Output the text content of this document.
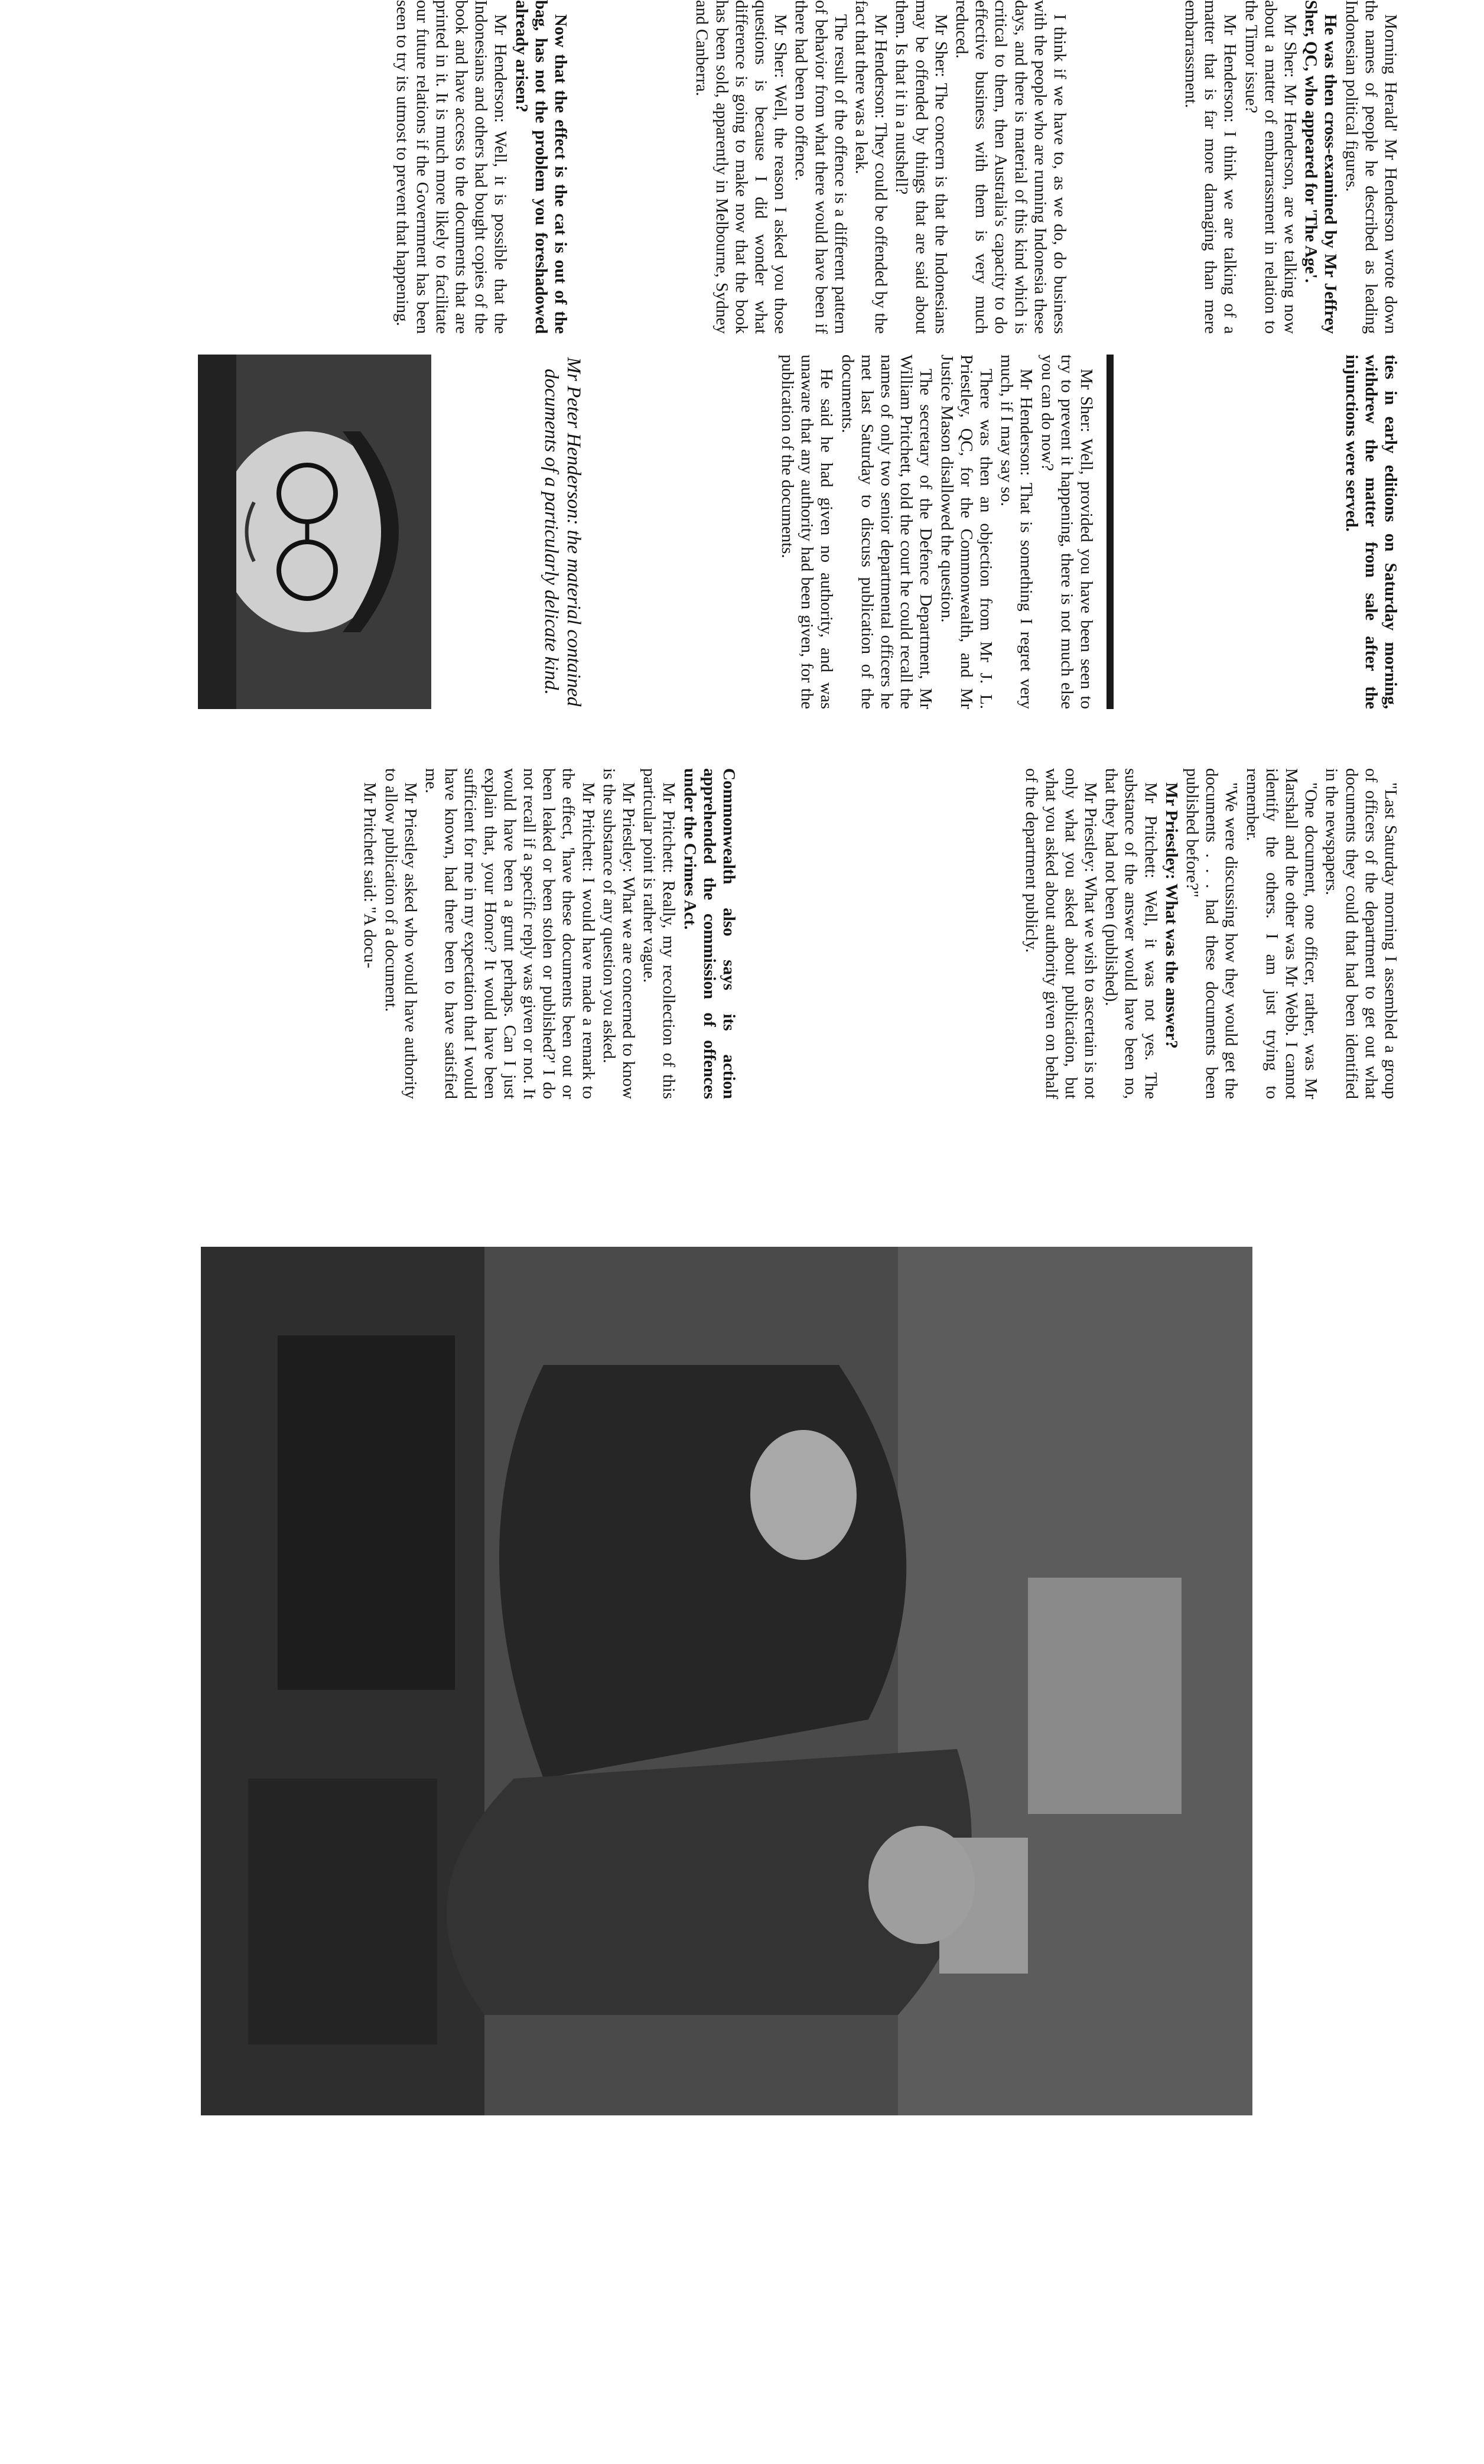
Morning Herald' Mr Henderson wrote down the names of people he described as leading Indonesian political figures.

He was then cross-examined by Mr Jeffrey Sher, QC, who appeared for 'The Age'.

Mr Sher: Mr Henderson, are we talking now about a matter of embarrassment in relation to the Timor issue?

Mr Henderson: I think we are talking of a matter that is far more damaging than mere embarrassment.

I think if we have to, as we do, do business with the people who are running Indonesia these days, and there is material of this kind which is critical to them, then Australia's capacity to do effective business with them is very much reduced.

Mr Sher: The concern is that the Indonesians may be offended by things that are said about them. Is that it in a nutshell?

Mr Henderson: They could be offended by the fact that there was a leak.

The result of the offence is a different pattern of behavior from what there would have been if there had been no offence.

Mr Sher: Well, the reason I asked you those questions is because I did wonder what difference is going to make now that the book has been sold, apparently in Melbourne, Sydney and Canberra.

Now that the effect is the cat is out of the bag, has not the problem you foreshadowed already arisen?

Mr Henderson: Well, it is possible that the Indonesians and others had bought copies of the book and have access to the documents that are printed in it. It is much more likely to facilitate our future relations if the Government has been seen to try its utmost to prevent that happening.

ties in early editions on Saturday morning, withdrew the matter from sale after the injunctions were served.

Mr Sher: Well, provided you have been seen to try to prevent it happening, there is not much else you can do now?

Mr Henderson: That is something I regret very much, if I may say so.

There was then an objection from Mr J. L. Priestley, QC, for the Commonwealth, and Mr Justice Mason disallowed the question.

The secretary of the Defence Department, Mr William Pritchett, told the court he could recall the names of only two senior departmental officers he met last Saturday to discuss publication of the documents.

He said he had given no authority, and was unaware that any authority had been given, for the publication of the documents.

"Last Saturday morning I assembled a group of officers of the department to get out what documents they could that had been identified in the newspapers.

"One document, one officer, rather, was Mr Marshall and the other was Mr Webb. I cannot identify the others. I am just trying to remember.

"We were discussing how they would get the documents . . . had these documents been published before?"

Mr Priestley: What was the answer?

Mr Pritchett: Well, it was not yes. The substance of the answer would have been no, that they had not been (published).

Mr Priestley: What we wish to ascertain is not only what you asked about publication, but what you asked about authority given on behalf of the department publicly.

Commonwealth also says its action apprehended the commission of offences under the Crimes Act.

Mr Pritchett: Really, my recollection of this particular point is rather vague.

Mr Priestley: What we are concerned to know is the substance of any question you asked.

Mr Pritchett: I would have made a remark to the effect, 'have these documents been out or been leaked or been stolen or published?' I do not recall if a specific reply was given or not. It would have been a grunt perhaps. Can I just explain that, your Honor? It would have been sufficient for me in my expectation that I would have known, had there been to have satisfied me.

Mr Priestley asked who would have authority to allow publication of a document.

Mr Pritchett said: "A docu-

Mr Peter Henderson: the material contained documents of a particularly delicate kind.
